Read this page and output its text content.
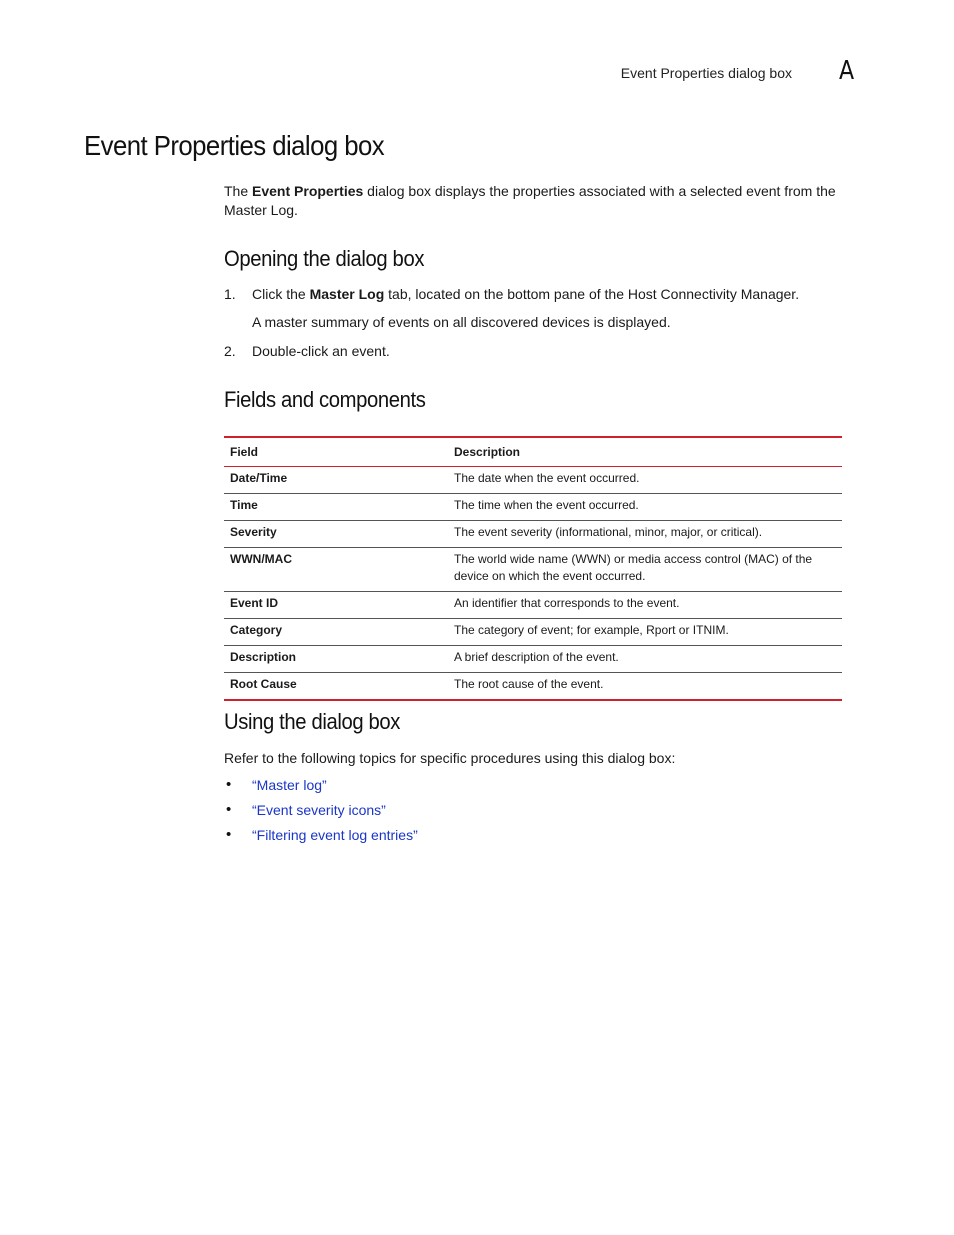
Event Properties dialog box A
Event Properties dialog box

The Event Properties dialog box displays the properties associated with a selected event from the

Master Log.

Opening the dialog box
1. Click the Master Log tab, located on the bottom pane of the Host Connectivity Manager.
A master summary of events on all discovered devices is displayed.
2. Double-click an event.
Fields and components
Field	Description
Date/Time	The date when the event occurred.
Time	The time when the event occurred.
Severity	The event severity (informational, minor, major, or critical).
WWN/MAC	The world wide name (WWN) or media access control (MAC) of the device on which the event occurred.
Event ID	An identifier that corresponds to the event.
Category	The category of event; for example, Rport or ITNIM.
Description	A brief description of the event.
Root Cause	The root cause of the event.
Using the dialog box
Refer to the following topics for specific procedures using this dialog box:
• “Master log”
• “Event severity icons”
• “Filtering event log entries”
